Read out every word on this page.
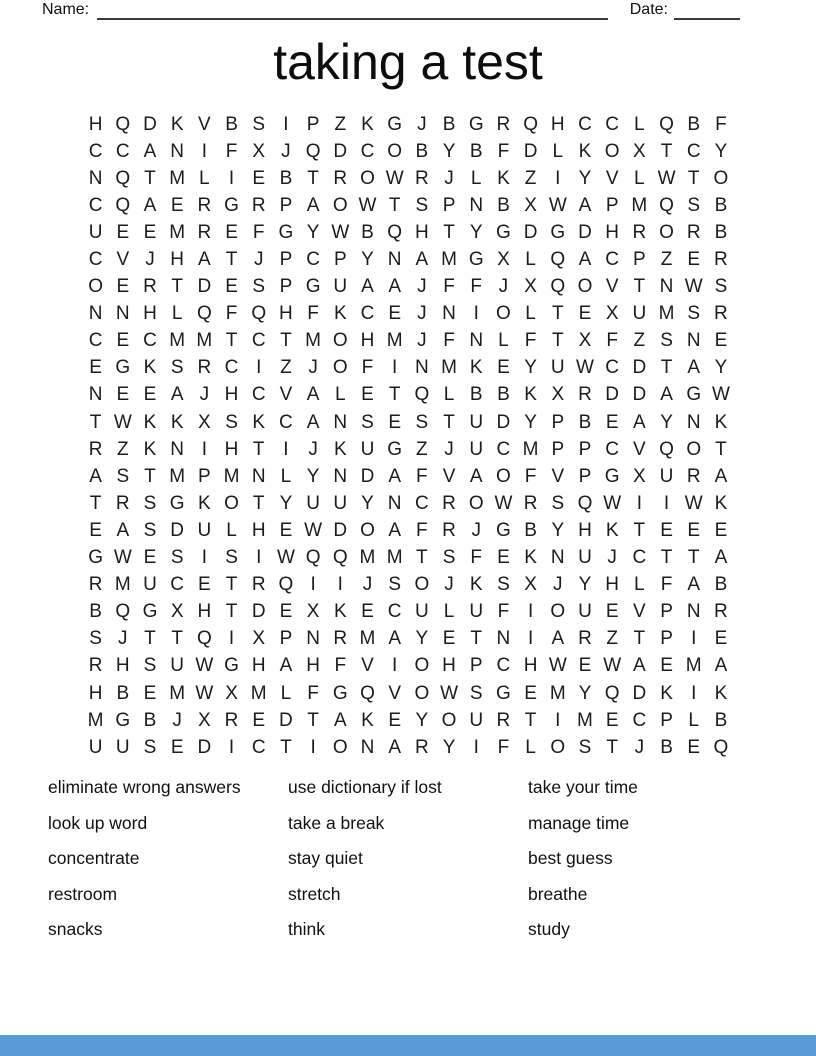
Name:	Date:
taking a test
H Q D K V B S I P Z K G J B G R Q H C C L Q B F
C C A N I F X J Q D C O B Y B F D L K O X T C Y
N Q T M L	I E B T R O W R J L K Z I Y V L W T O
C Q A E R G R P A O W T S P N B X W A P M Q S B
U E E M R E F G Y W B Q H T Y G D G D H R O R B
C V J H A T J P C P Y N A M G X L Q A C P Z E R
O E R T D E S P G U A A J F F J X Q O V T N W S
N N H L Q F Q H F K C E J N I O L T E X U M S R
C E C M M T C T M O H M J F N L F T X F Z S N E
E G K S R C I Z J O F I N M K E Y U W C D T A Y
N E E A J H C V A L E T Q L B B K X R D D A G W
T W K K X S K C A N S E S T U D Y P B E A Y N K
R Z K N I H T I	J K U G Z J U C M P P C V Q O T
A S T M P M N L Y N D A F V A O F V P G X U R A
T R S G K O T Y U U Y N C R O W R S Q W I	I W K
E A S D U L H E W D O A F R J G B Y H K T E E E
G W E S I S I W Q Q M M T S F E K N U J C T T A
R M U C E T R Q I	I	J S O J K S X J Y H L F A B
B Q G X H T D E X K E C U L U F I O U E V P N R
S J T T Q I X P N R M A Y E T N I A R Z T P I E
R H S U W G H A H F V I O H P C H W E W A E M A
H B E M W X M L F G Q V O W S G E M Y Q D K I K
M G B J X R E D T A K E Y O U R T I M E C P L B
U U S E D I C T I O N A R Y I F L O S T J B E Q
eliminate wrong answers
look up word
concentrate
restroom
snacks
use dictionary if lost
take a break
stay quiet
stretch
think
take your time
manage time
best guess
breathe
study
